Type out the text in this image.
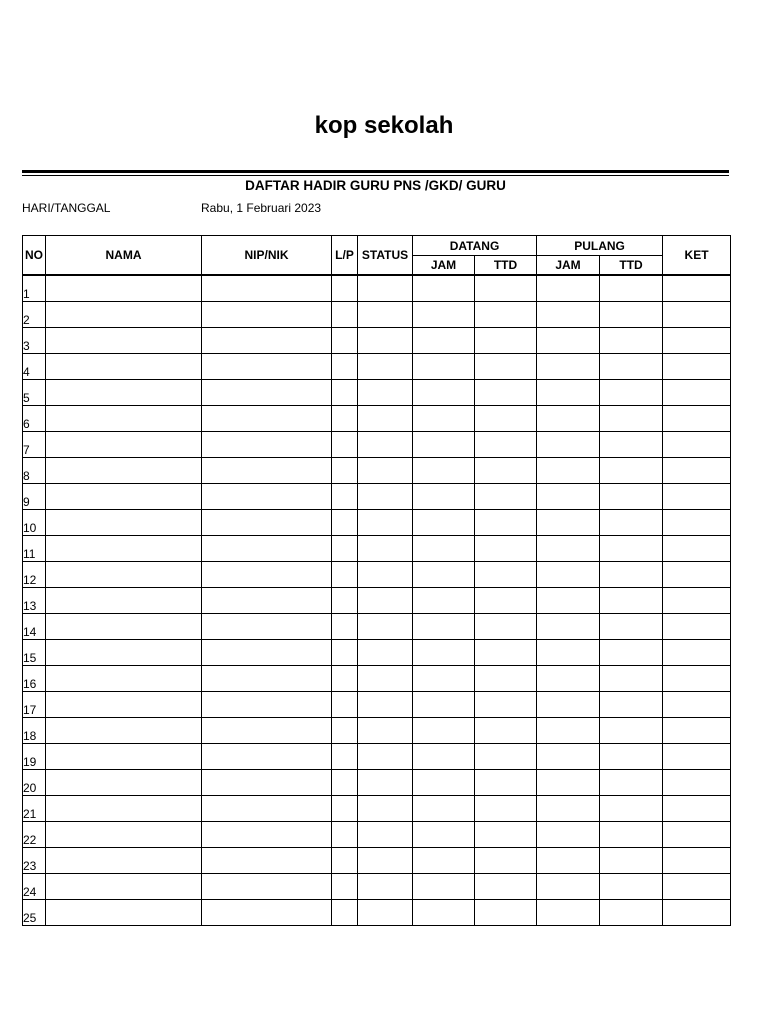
kop sekolah
DAFTAR HADIR GURU PNS /GKD/ GURU
HARI/TANGGAL	Rabu, 1 Februari 2023
NO	NAMA	NIP/NIK	L/P	STATUS	DATANG		PULANG		KET
					JAM	TTD	JAM	TTD	
1									
2									
3									
4									
5									
6									
7									
8									
9									
10									
11									
12									
13									
14									
15									
16									
17									
18									
19									
20									
21									
22									
23									
24									
25									
